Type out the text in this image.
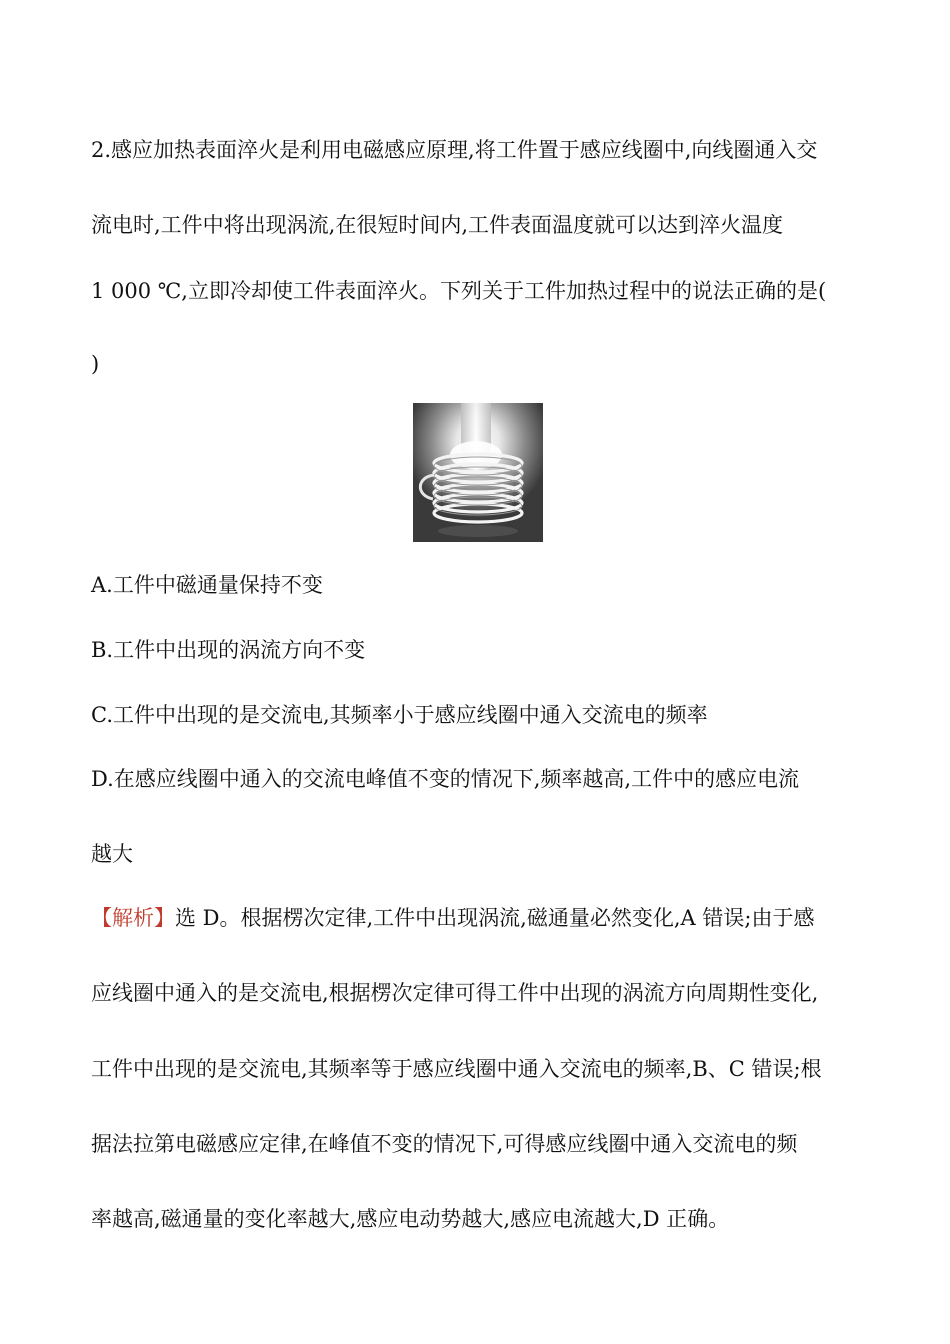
2.感应加热表面淬火是利用电磁感应原理,将工件置于感应线圈中,向线圈通入交
流电时,工件中将出现涡流,在很短时间内,工件表面温度就可以达到淬火温度
1 000 ℃,立即冷却使工件表面淬火。下列关于工件加热过程中的说法正确的是(
)
A.工件中磁通量保持不变
B.工件中出现的涡流方向不变
C.工件中出现的是交流电,其频率小于感应线圈中通入交流电的频率
D.在感应线圈中通入的交流电峰值不变的情况下,频率越高,工件中的感应电流
越大
【解析】选 D。根据楞次定律,工件中出现涡流,磁通量必然变化,A 错误;由于感
应线圈中通入的是交流电,根据楞次定律可得工件中出现的涡流方向周期性变化,
工件中出现的是交流电,其频率等于感应线圈中通入交流电的频率,B、C 错误;根
据法拉第电磁感应定律,在峰值不变的情况下,可得感应线圈中通入交流电的频
率越高,磁通量的变化率越大,感应电动势越大,感应电流越大,D 正确。
